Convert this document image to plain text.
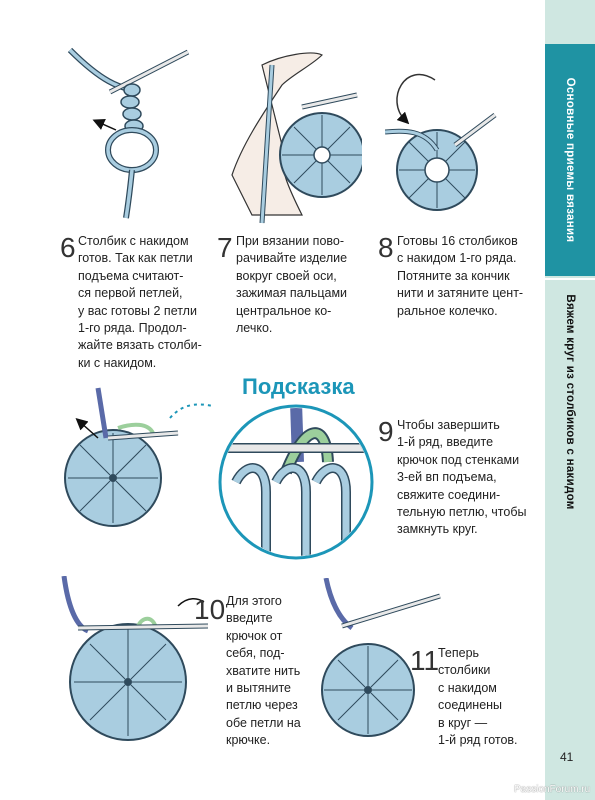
Основные приемы вязания
Вяжем круг из столбиков с накидом
PassionForum.ru
6 Столбик с накидом
готов. Так как петли
подъема считают-
ся первой петлей,
у вас готовы 2 петли
1-го ряда. Продол-
жайте вязать столби-
ки с накидом.
7 При вязании пово-
рачивайте изделие
вокруг своей оси,
зажимая пальцами
центральное ко-
лечко.
8 Готовы 16 столбиков
с накидом 1-го ряда.
Потяните за кончик
нити и затяните цент-
ральное колечко.
Подсказка
9 Чтобы завершить
1-й ряд, введите
крючок под стенками
3-ей вп подъема,
свяжите соедини-
тельную петлю, чтобы
замкнуть круг.
10 Для этого
введите
крючок от
себя, под-
хватите нить
и вытяните
петлю через
обе петли на
крючке.
11
Теперь
столбики
с накидом
соединены
в круг —
1-й ряд готов.
41
